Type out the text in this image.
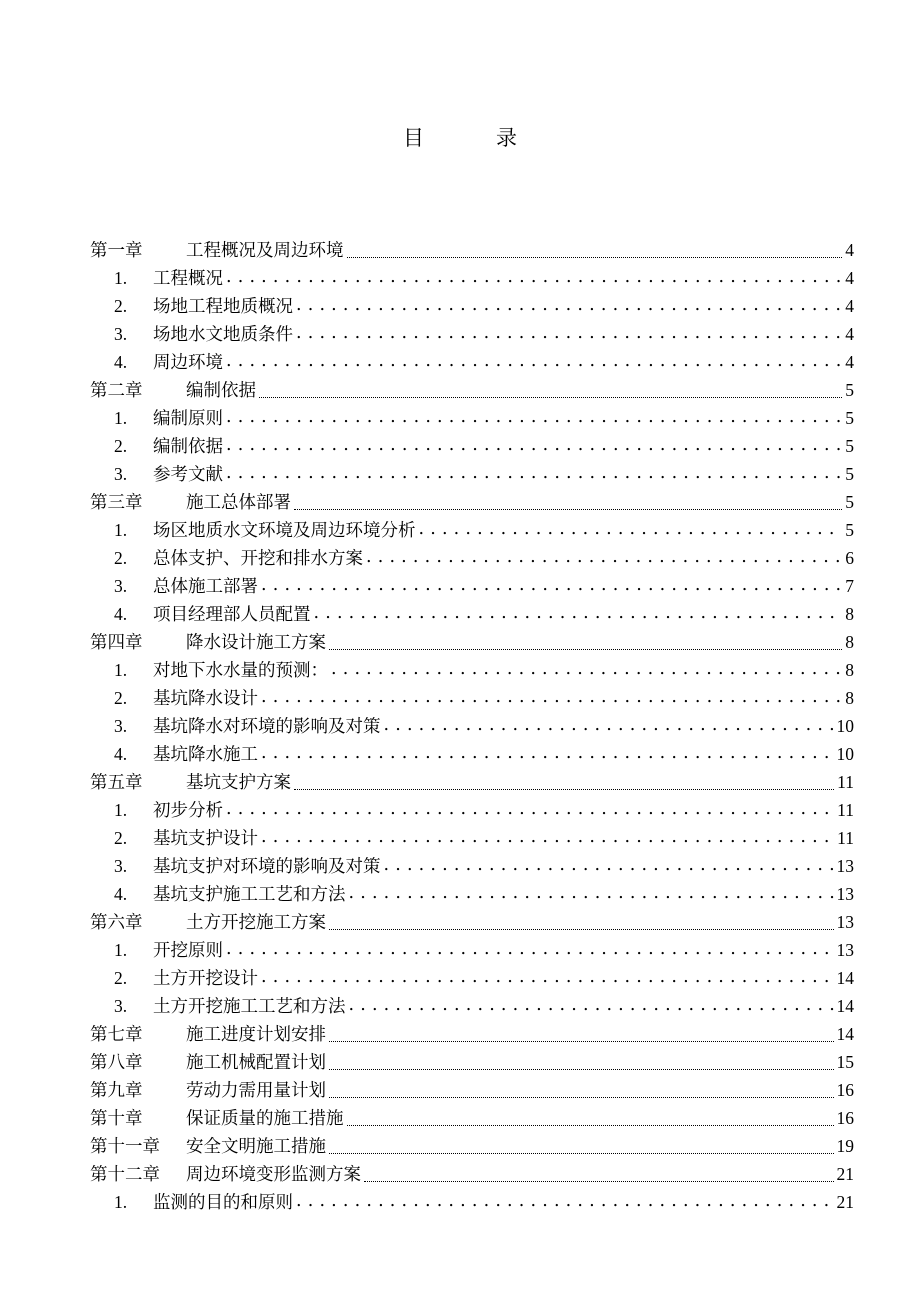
目	录
第一章	工程概况及周边环境	4
1.	工程概况 . . .	4
2.	场地工程地质概况 . . .	4
3.	场地水文地质条件 . . .	4
4.	周边环境 . . .	4
第二章	编制依据	5
1.	编制原则 . . .	5
2.	编制依据 . . .	5
3.	参考文献 . . .	5
第三章	施工总体部署	5
1.	场区地质水文环境及周边环境分析 . . .	5
2.	总体支护、开挖和排水方案 . . .	6
3.	总体施工部署 . . .	7
4.	项目经理部人员配置 . . .	8
第四章	降水设计施工方案	8
1.	对地下水水量的预测： . . .	8
2.	基坑降水设计 . . .	8
3.	基坑降水对环境的影响及对策 . . .	10
4.	基坑降水施工 . . .	10
第五章	基坑支护方案	11
1.	初步分析 . . .	11
2.	基坑支护设计 . . .	11
3.	基坑支护对环境的影响及对策 . . .	13
4.	基坑支护施工工艺和方法 . . .	13
第六章	土方开挖施工方案	13
1.	开挖原则 . . .	13
2.	土方开挖设计 . . .	14
3.	土方开挖施工工艺和方法 . . .	14
第七章	施工进度计划安排	14
第八章	施工机械配置计划	15
第九章	劳动力需用量计划	16
第十章	保证质量的施工措施	16
第十一章	安全文明施工措施	19
第十二章	周边环境变形监测方案	21
1.	监测的目的和原则 . . .	21
